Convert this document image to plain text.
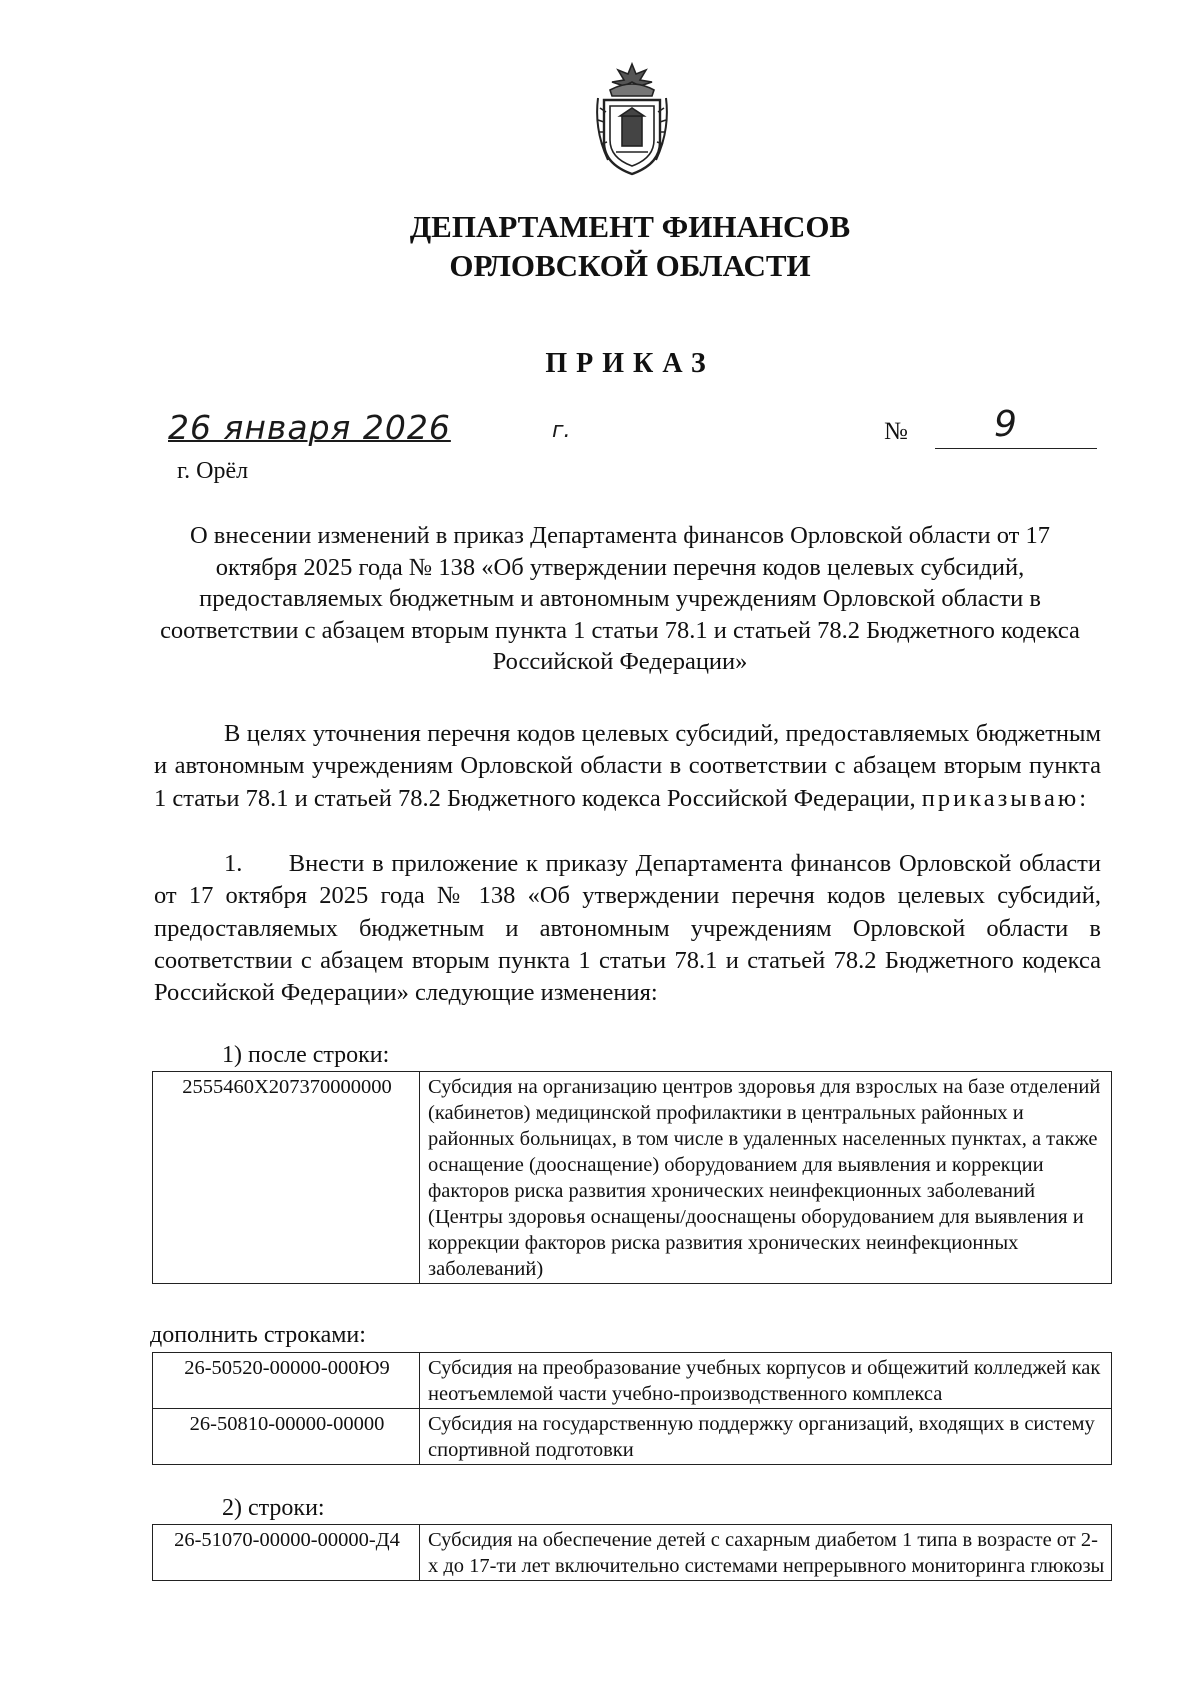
ДЕПАРТАМЕНТ ФИНАНСОВ
ОРЛОВСКОЙ ОБЛАСТИ
ПРИКАЗ
26 января 2026	г.	№ 9
г. Орёл
О внесении изменений в приказ Департамента финансов Орловской области от 17 октября 2025 года № 138 «Об утверждении перечня кодов целевых субсидий, предоставляемых бюджетным и автономным учреждениям Орловской области в соответствии с абзацем вторым пункта 1 статьи 78.1 и статьей 78.2 Бюджетного кодекса Российской Федерации»
В целях уточнения перечня кодов целевых субсидий, предоставляемых бюджетным и автономным учреждениям Орловской области в соответствии с абзацем вторым пункта 1 статьи 78.1 и статьей 78.2 Бюджетного кодекса Российской Федерации, приказываю:
1. Внести в приложение к приказу Департамента финансов Орловской области от 17 октября 2025 года № 138 «Об утверждении перечня кодов целевых субсидий, предоставляемых бюджетным и автономным учреждениям Орловской области в соответствии с абзацем вторым пункта 1 статьи 78.1 и статьей 78.2 Бюджетного кодекса Российской Федерации» следующие изменения:
1) после строки:
2555460X207370000000	Субсидия на организацию центров здоровья для взрослых на базе отделений (кабинетов) медицинской профилактики в центральных районных и районных больницах, в том числе в удаленных населенных пунктах, а также оснащение (дооснащение) оборудованием для выявления и коррекции факторов риска развития хронических неинфекционных заболеваний (Центры здоровья оснащены/дооснащены оборудованием для выявления и коррекции факторов риска развития хронических неинфекционных заболеваний)
дополнить строками:
26-50520-00000-000Ю9	Субсидия на преобразование учебных корпусов и общежитий колледжей как неотъемлемой части учебно-производственного комплекса
26-50810-00000-00000	Субсидия на государственную поддержку организаций, входящих в систему спортивной подготовки
2) строки:
26-51070-00000-00000-Д4	Субсидия на обеспечение детей с сахарным диабетом 1 типа в возрасте от 2-х до 17-ти лет включительно системами непрерывного мониторинга глюкозы
